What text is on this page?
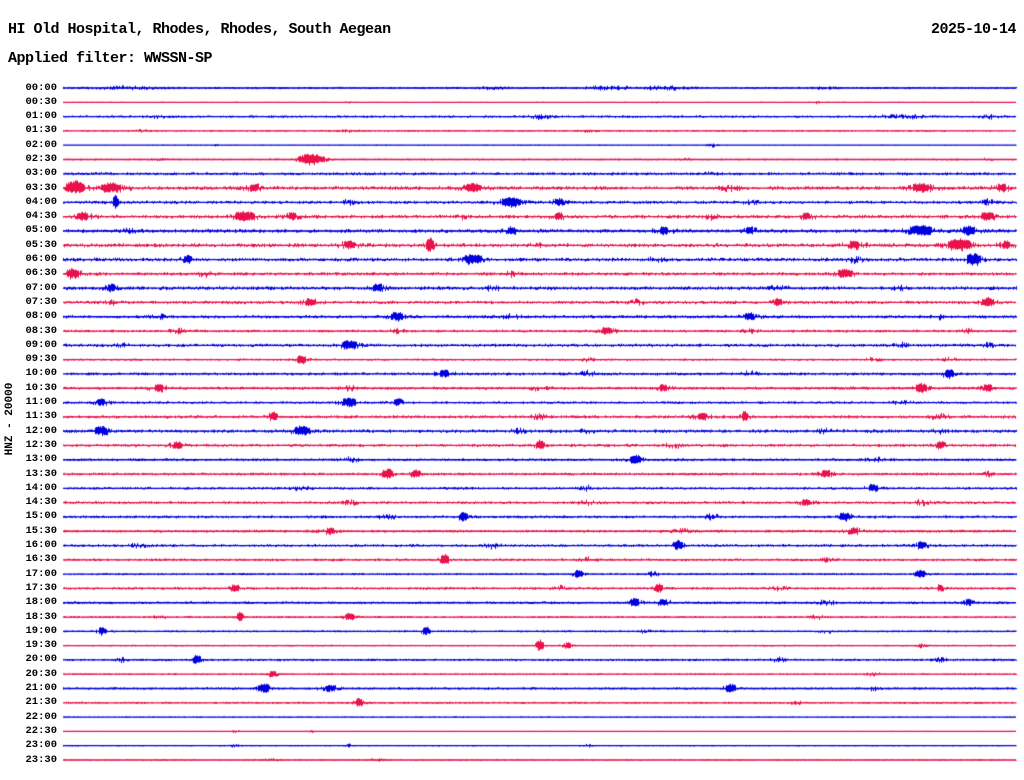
HI Old Hospital, Rhodes, Rhodes, South Aegean	2025-10-14
Applied filter: WWSSN-SP
HNZ - 20000
00:00
00:30
01:00
01:30
02:00
02:30
03:00
03:30
04:00
04:30
05:00
05:30
06:00
06:30
07:00
07:30
08:00
08:30
09:00
09:30
10:00
10:30
11:00
11:30
12:00
12:30
13:00
13:30
14:00
14:30
15:00
15:30
16:00
16:30
17:00
17:30
18:00
18:30
19:00
19:30
20:00
20:30
21:00
21:30
22:00
22:30
23:00
23:30
